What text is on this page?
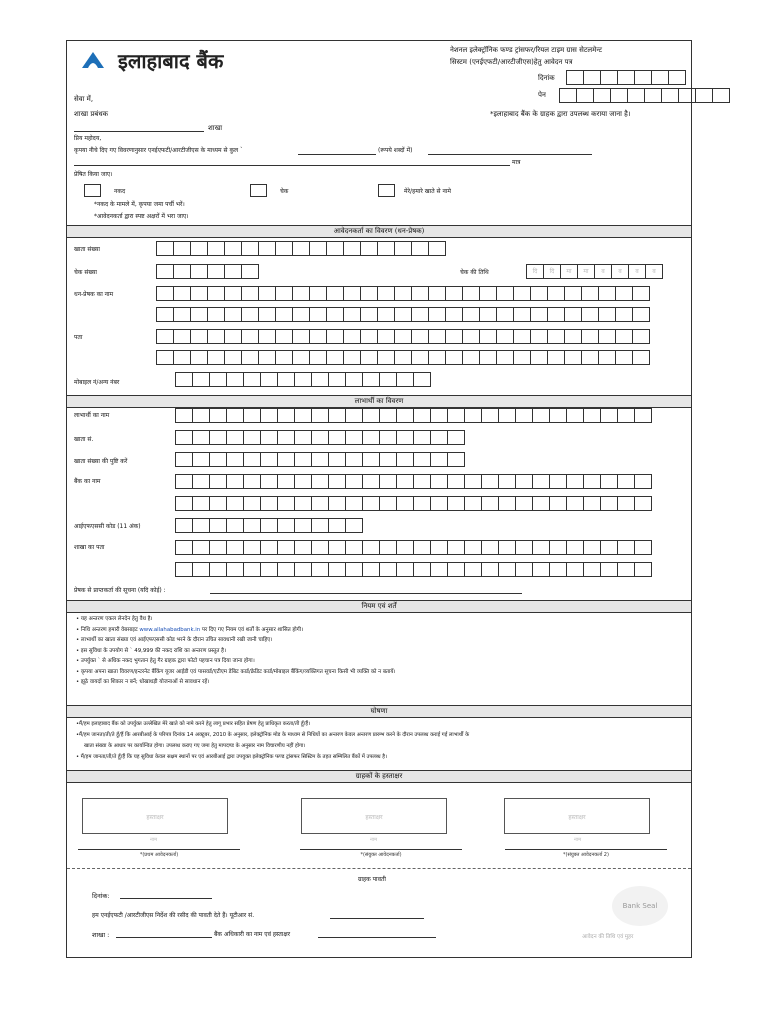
इलाहाबाद बैंक	नेशनल इलेक्ट्रॉनिक फण्ड ट्रांसफर/रियल टाइम ग्रास सेटलमेन्ट
सिस्टम (एनईएफटी/आरटीजीएस)हेतु आवेदन पत्र
दिनांक
पेन
*इलाहाबाद बैंक के ग्राहक द्वारा उपलब्ध कराया जाना है।
सेवा में,
शाखा प्रबंधक
शाखा
प्रिय महोदय,
कृपया नीचे दिए गए विवरणानुसार एनईएफटी/आरटीजीएस के माध्यम से कुल `	(रूपये शब्दों में)
मात्र
प्रेषित किया जाए।
नकद	चेक	मेरे/हमारे खाते से नामे
*नकद के मामले में, कृपया जमा पर्ची भरें।
*आवेदनकर्ता द्वारा स्पष्ट अक्षरों में भरा जाए।
आवेदनकर्ता का विवरण (धन-प्रेषक)
खाता संख्या
चेक संख्या	चेक की तिथि	दि	दि	मा	मा	व	व	व	व
धन-प्रेषक का नाम
पता
मोबाइल नं/अन्य नंबर
लाभार्थी का विवरण
लाभार्थी का नाम
खाता सं.
खाता संख्या की पुष्टि करें
बैंक का नाम
आईएफएससी कोड (11 अंक)
शाखा का पता
प्रेषक से प्राप्तकर्ता की सूचना (यदि कोई) :
नियम एवं शर्तें
• यह अन्तरण एकल लेनदेन हेतु वैध है।
• निधि अन्तरण हमारी वेबसाइट www.allahabadbank.in पर दिए गए नियम एवं शर्तों के अनुसार शासित होगी।
• लाभार्थी का खाता संख्या एवं आईएफएससी कोड भरने के दौरान उचित सावधानी रखी जानी चाहिए।
• इस सुविधा के उपयोग से ` 49,999 की नकद राशि का अन्तरण प्रस्तुत है।
• उपर्युक्त ` से अधिक नकद भुगतान हेतु गैर ग्राहक द्वारा फोटो पहचान पत्र दिया जाना होगा।
• कृपया अपना खाता विवरण/इन्टरनेट बैंकिंग यूजर आईडी एवं पासवर्ड/एटीएम डेबिट कार्ड/क्रेडिट कार्ड/मोबाइल बैंकिंग/व्यक्तिगत सूचना किसी भी व्यक्ति को न बतायें।
• झूठे वायदों का शिकार न बनें; धोखाधड़ी योजनाओं से सावधान रहें।
घोषणा
•मैं/हम इलाहाबाद बैंक को उपर्युक्त उल्लेखित मेरे खाते को नामे करने हेतु लागू प्रभार सहित प्रेषण हेतु प्राधिकृत करता/ती हूँ/हैं।
•मैं/हम जानता/ती/ते हूँ/हैं कि आरबीआई के परिपत्र दिनांक 14 अक्टूबर, 2010 के अनुसार, इलेक्ट्रॉनिक मोड के माध्यम से निधियों का अन्तरण केवल अन्तरण प्रारम्भ करने के दौरान उपलब्ध कराई गई लाभार्थी के
खाता संख्या के आधार पर कार्यान्वित होगा। उपलब्ध कराए गए जमा हेतु मापदण्ड के अनुसार नाम विचारणीय नहीं होगा।
• मैं/हम जानता/ती/ते हूँ/हैं कि यह सुविधा केवल सक्षम स्थानों पर एवं आरबीआई द्वारा उपयुक्त इलेक्ट्रॉनिक फण्ड ट्रांसफर सिस्टिम के तहत सम्मिलित बैंकों में उपलब्ध है।
ग्राहकों के हस्ताक्षर
हस्ताक्षर	हस्ताक्षर	हस्ताक्षर
नाम	नाम	नाम
*(प्रथम आवेदनकर्ता)	*(संयुक्त आवेदनकर्ता)	*(संयुक्त आवेदनकर्ता 2)
ग्राहक पावती
दिनांक:
हम एनईएफटी /आरटीजीएस निर्देश की रसीद की पावती देते हैं। यूटीआर सं.
शाखा :	बैंक अधिकारी का नाम एवं हस्ताक्षर
Bank Seal
आवेदन की तिथि एवं मुहर
